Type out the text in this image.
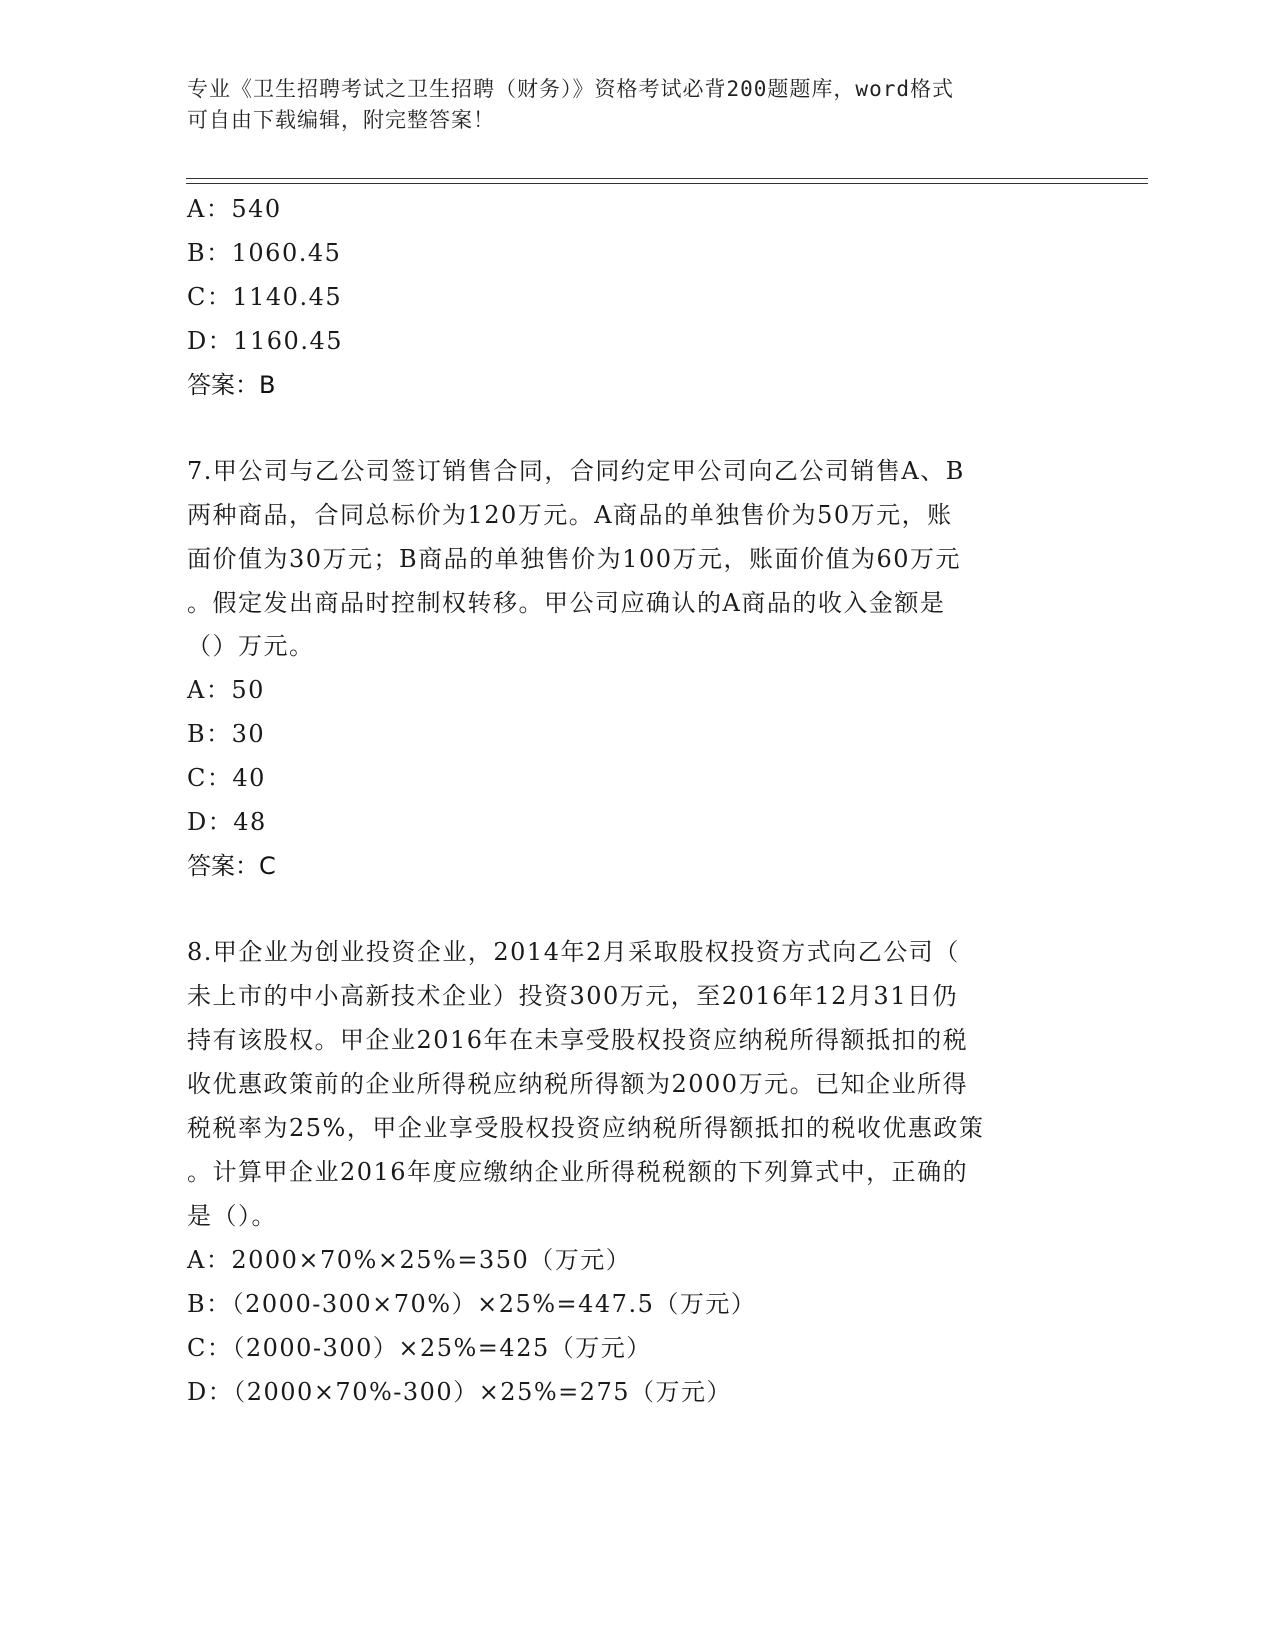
专业《卫生招聘考试之卫生招聘（财务）》资格考试必背200题题库，word格式
可自由下载编辑，附完整答案！
A：540
B：1060.45
C：1140.45
D：1160.45
答案：B
7.甲公司与乙公司签订销售合同，合同约定甲公司向乙公司销售A、B
两种商品，合同总标价为120万元。A商品的单独售价为50万元，账
面价值为30万元；B商品的单独售价为100万元，账面价值为60万元
。假定发出商品时控制权转移。甲公司应确认的A商品的收入金额是
（）万元。
A：50
B：30
C：40
D：48
答案：C
8.甲企业为创业投资企业，2014年2月采取股权投资方式向乙公司（
未上市的中小高新技术企业）投资300万元，至2016年12月31日仍
持有该股权。甲企业2016年在未享受股权投资应纳税所得额抵扣的税
收优惠政策前的企业所得税应纳税所得额为2000万元。已知企业所得
税税率为25%，甲企业享受股权投资应纳税所得额抵扣的税收优惠政策
。计算甲企业2016年度应缴纳企业所得税税额的下列算式中，正确的
是（）。
A：2000×70%×25%=350（万元）
B：（2000-300×70%）×25%=447.5（万元）
C：（2000-300）×25%=425（万元）
D：（2000×70%-300）×25%=275（万元）
